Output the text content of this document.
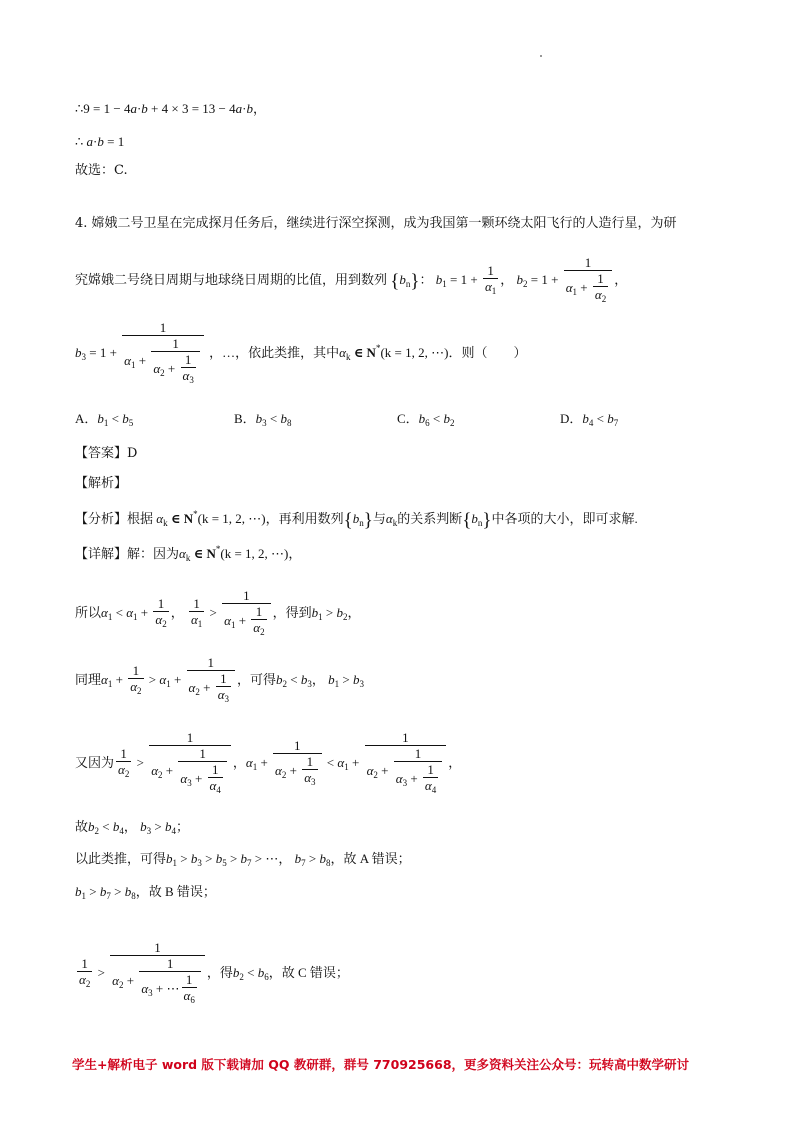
∴9 = 1 − 4a·b + 4 × 3 = 13 − 4a·b，
∴ a·b = 1
故选：C.
4. 嫦娥二号卫星在完成探月任务后，继续进行深空探测，成为我国第一颗环绕太阳飞行的人造行星，为研
究嫦娥二号绕日周期与地球绕日周期的比值，用到数列 $\{b_n\}$： $b_1 = 1 + \frac{1}{\alpha_1}$ ， $b_2 = 1 + \frac{1}{\alpha_1 + \frac{1}{\alpha_2}}$ ，
$b_3 = 1 + \frac{1}{\alpha_1 + \frac{1}{\alpha_2 + \frac{1}{\alpha_3}}}$ ，…，依此类推，其中$\alpha_k$ ∈ N*(k = 1, 2, ⋯)．则（　　）
A．$b_1 < b_5$	B．$b_3 < b_8$	C．$b_6 < b_2$	D．$b_4 < b_7$
【答案】D
【解析】
【分析】根据 $\alpha_k$ ∈ N*(k = 1, 2, ⋯)，再利用数列$\{b_n\}$与$\alpha_k$的关系判断$\{b_n\}$中各项的大小，即可求解.
【详解】解：因为$\alpha_k$ ∈ N*(k = 1, 2, ⋯)，
所以$\alpha_1 < \alpha_1 + \frac{1}{\alpha_2}$ ， $\frac{1}{\alpha_1} > \frac{1}{\alpha_1 + \frac{1}{\alpha_2}}$ ，得到$b_1 > b_2$，
同理$\alpha_1 + \frac{1}{\alpha_2} > \alpha_1 + \frac{1}{\alpha_2 + \frac{1}{\alpha_3}}$ ，可得$b_2 < b_3$， $b_1 > b_3$
又因为 $\frac{1}{\alpha_2} > \frac{1}{\alpha_2 + \frac{1}{\alpha_3 + \frac{1}{\alpha_4}}}$ ，$\alpha_1 + \frac{1}{\alpha_2 + \frac{1}{\alpha_3}} < \alpha_1 + \frac{1}{\alpha_2 + \frac{1}{\alpha_3 + \frac{1}{\alpha_4}}}$ ，
故$b_2 < b_4$， $b_3 > b_4$；
以此类推，可得$b_1 > b_3 > b_5 > b_7$ > ⋯， $b_7 > b_8$，故 A 错误；
$b_1 > b_7 > b_8$，故 B 错误；
$\frac{1}{\alpha_2} > \frac{1}{\alpha_2 + \frac{1}{\alpha_3 + \cdots \frac{1}{\alpha_6}}}$ ，得$b_2 < b_6$，故 C 错误；
学生+解析电子 word 版下载请加 QQ 教研群，群号 770925668，更多资料关注公众号：玩转高中数学研讨
